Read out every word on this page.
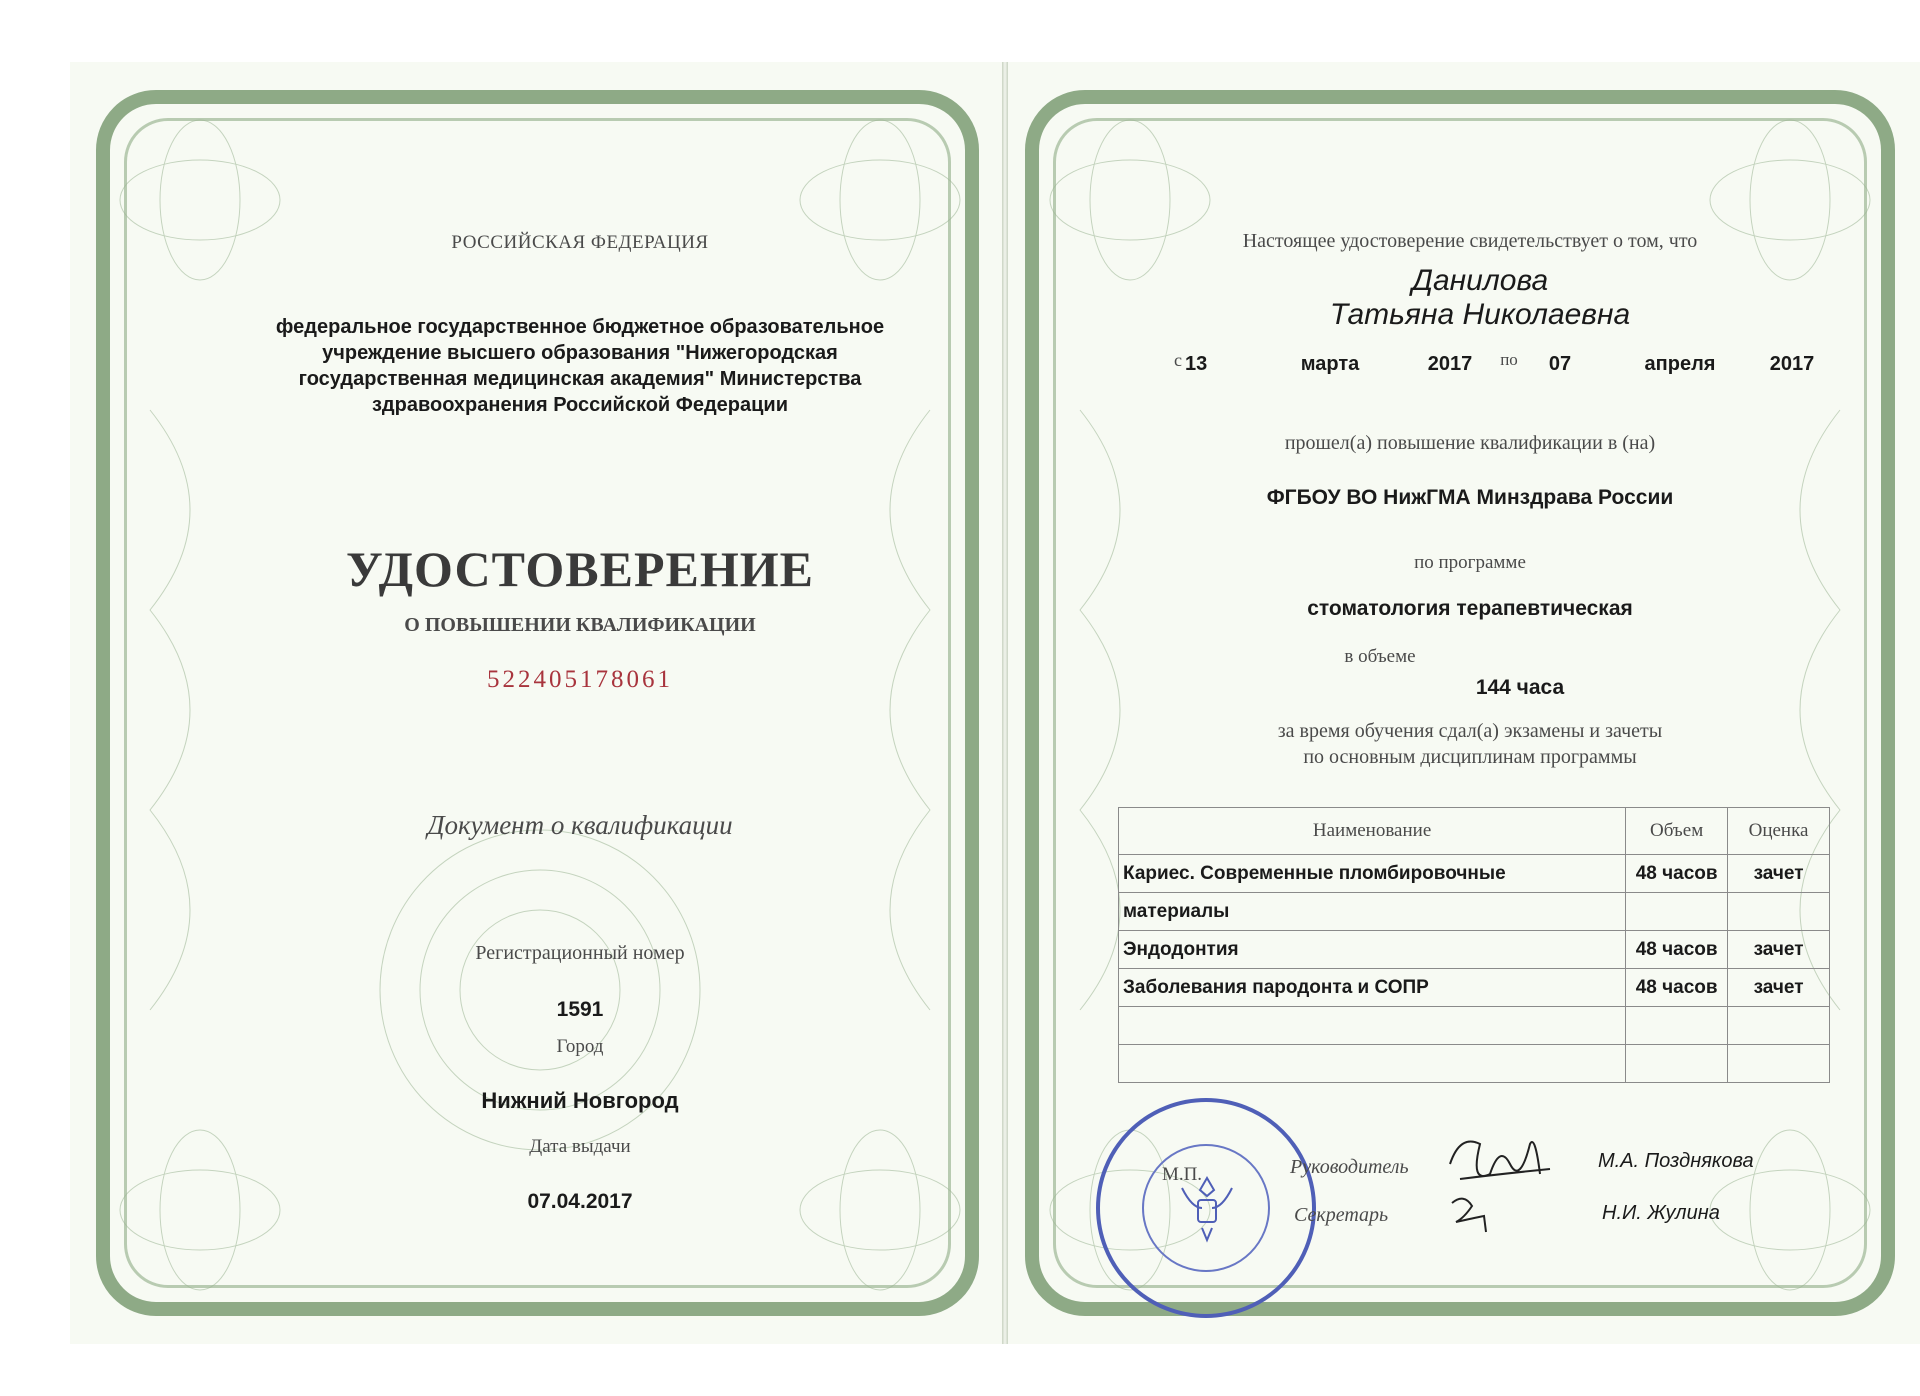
РОССИЙСКАЯ ФЕДЕРАЦИЯ
федеральное государственное бюджетное образовательное
учреждение высшего образования "Нижегородская
государственная медицинская академия" Министерства
здравоохранения Российской Федерации
УДОСТОВЕРЕНИЕ
О ПОВЫШЕНИИ КВАЛИФИКАЦИИ
522405178061
Документ о квалификации
Регистрационный номер
1591
Город
Нижний Новгород
Дата выдачи
07.04.2017
Настоящее удостоверение свидетельствует о том, что
Данилова
Татьяна Николаевна
с 13	марта	2017	по	07	апреля	2017
прошел(а) повышение квалификации в (на)
ФГБОУ ВО НижГМА Минздрава России
по программе
стоматология терапевтическая
в объеме
144 часа
за время обучения сдал(а) экзамены и зачеты
по основным дисциплинам программы
Наименование	Объем	Оценка
Кариес. Современные пломбировочные	48 часов	зачет
материалы		
Эндодонтия	48 часов	зачет
Заболевания пародонта и СОПР	48 часов	зачет

М.П.	Руководитель
Секретарь
М.А. Позднякова
Н.И. Жулина
